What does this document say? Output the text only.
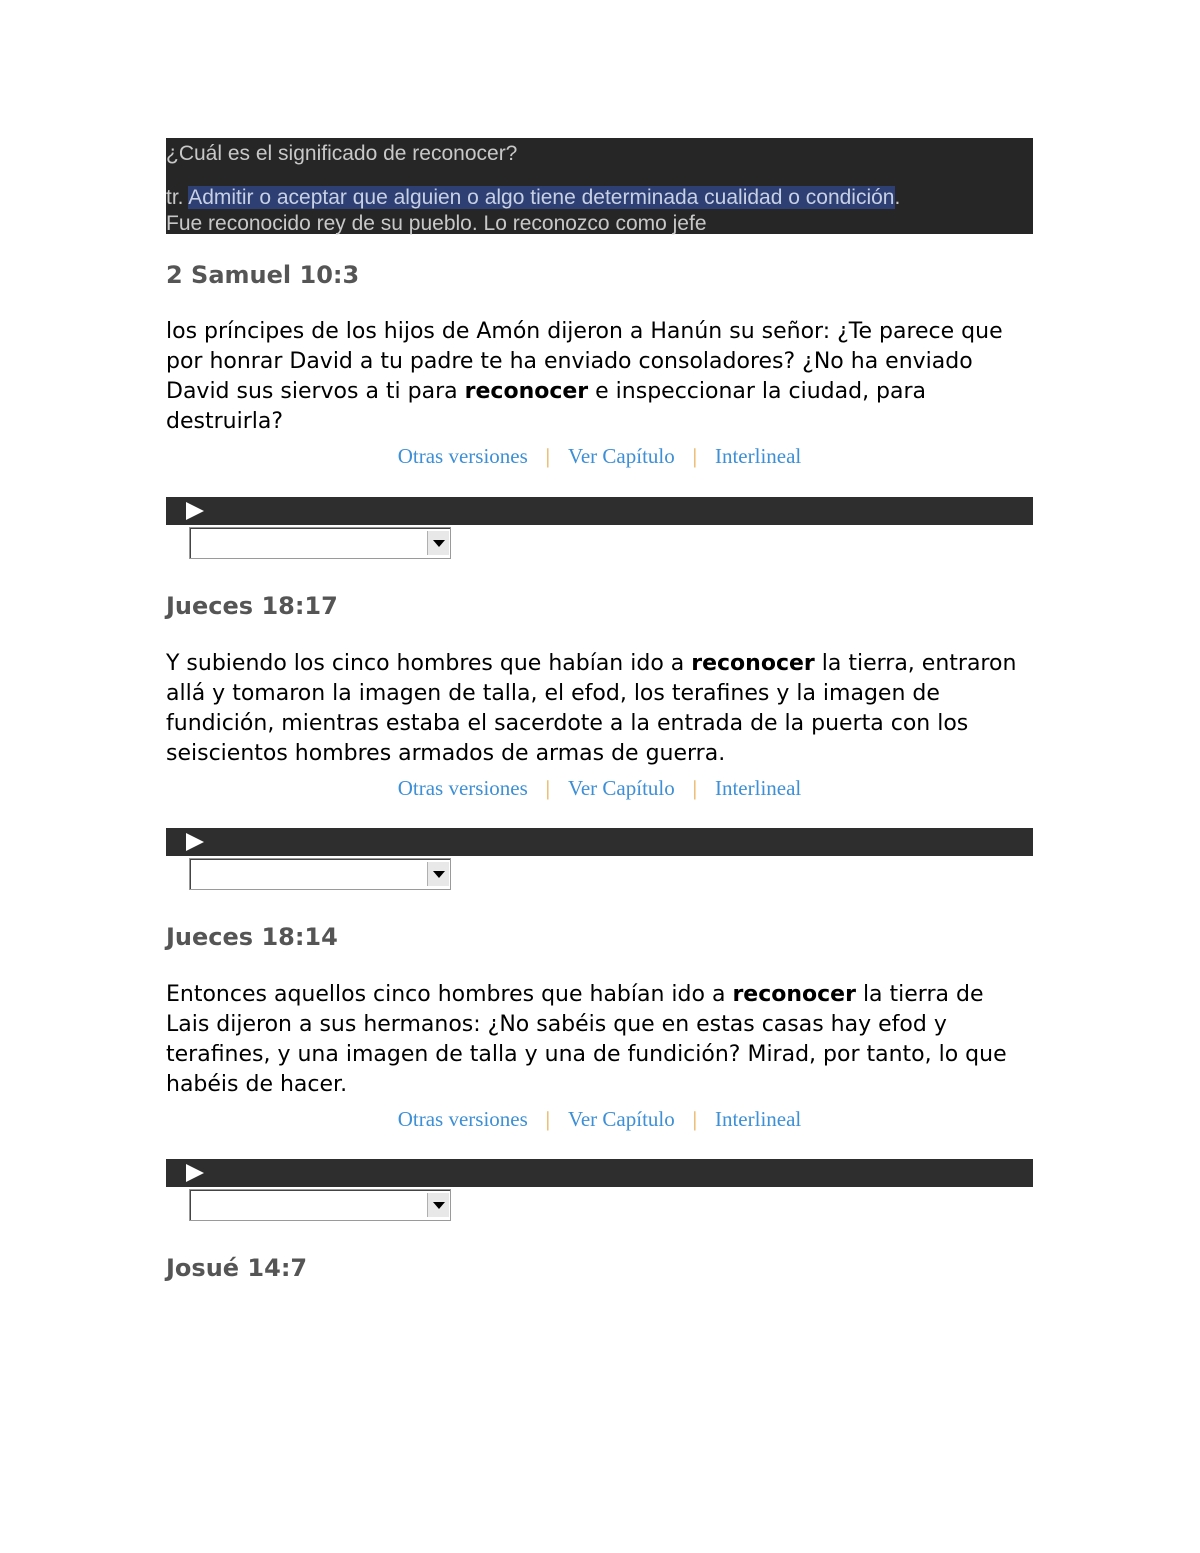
¿Cuál es el significado de reconocer?
tr. Admitir o aceptar que alguien o algo tiene determinada cualidad o condición.
Fue reconocido rey de su pueblo. Lo reconozco como jefe
2 Samuel 10:3

los príncipes de los hijos de Amón dijeron a Hanún su señor: ¿Te parece que por honrar David a tu padre te ha enviado consoladores? ¿No ha enviado David sus siervos a ti para reconocer e inspeccionar la ciudad, para destruirla?

Otras versiones | Ver Capítulo | Interlineal
Jueces 18:17

Y subiendo los cinco hombres que habían ido a reconocer la tierra, entraron allá y tomaron la imagen de talla, el efod, los terafines y la imagen de fundición, mientras estaba el sacerdote a la entrada de la puerta con los seiscientos hombres armados de armas de guerra.

Otras versiones | Ver Capítulo | Interlineal
Jueces 18:14

Entonces aquellos cinco hombres que habían ido a reconocer la tierra de Lais dijeron a sus hermanos: ¿No sabéis que en estas casas hay efod y terafines, y una imagen de talla y una de fundición? Mirad, por tanto, lo que habéis de hacer.

Otras versiones | Ver Capítulo | Interlineal
Josué 14:7
